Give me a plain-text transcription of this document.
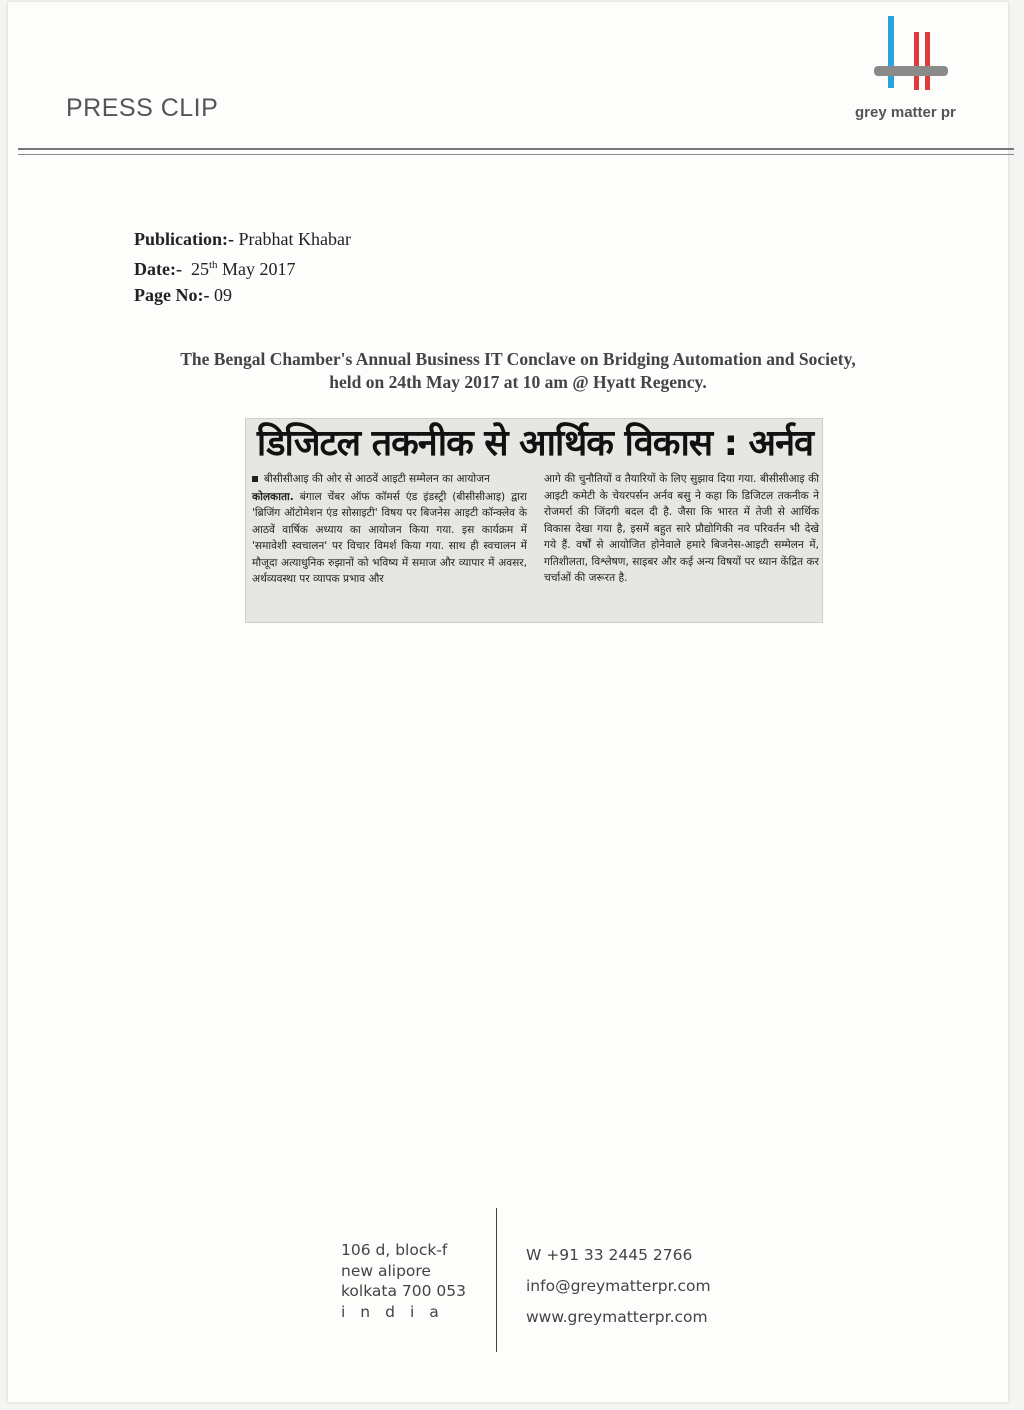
PRESS CLIP	grey matter pr
Publication:- Prabhat Khabar
Date:- 25th May 2017
Page No:- 09
The Bengal Chamber's Annual Business IT Conclave on Bridging Automation and Society,
held on 24th May 2017 at 10 am @ Hyatt Regency.
डिजिटल तकनीक से आर्थिक विकास : अर्नव
बीसीसीआइ की ओर से आठवें आइटी सम्मेलन का आयोजन
कोलकाता. बंगाल चेंबर ऑफ कॉमर्स एंड इंडस्ट्री (बीसीसीआइ) द्वारा 'ब्रिजिंग ऑटोमेशन एंड सोसाइटी' विषय पर बिजनेस आइटी कॉन्क्लेव के आठवें वार्षिक अध्याय का आयोजन किया गया. इस कार्यक्रम में 'समावेशी स्वचालन' पर विचार विमर्श किया गया. साथ ही स्वचालन में मौजूदा अत्याधुनिक रुझानों को भविष्य में समाज और व्यापार में अवसर, अर्थव्यवस्था पर व्यापक प्रभाव और
आगे की चुनौतियों व तैयारियों के लिए सुझाव दिया गया. बीसीसीआइ की आइटी कमेटी के चेयरपर्सन अर्नव बसु ने कहा कि डिजिटल तकनीक ने रोजमर्रा की जिंदगी बदल दी है. जैसा कि भारत में तेजी से आर्थिक विकास देखा गया है, इसमें बहुत सारे प्रौद्योगिकी नव परिवर्तन भी देखे गये हैं. वर्षों से आयोजित होनेवाले हमारे बिजनेस-आइटी सम्मेलन में, गतिशीलता, विश्लेषण, साइबर और कई अन्य विषयों पर ध्यान केंद्रित कर चर्चाओं की जरूरत है.
106 d, block-f
new alipore
kolkata 700 053
india
W +91 33 2445 2766
info@greymatterpr.com
www.greymatterpr.com
